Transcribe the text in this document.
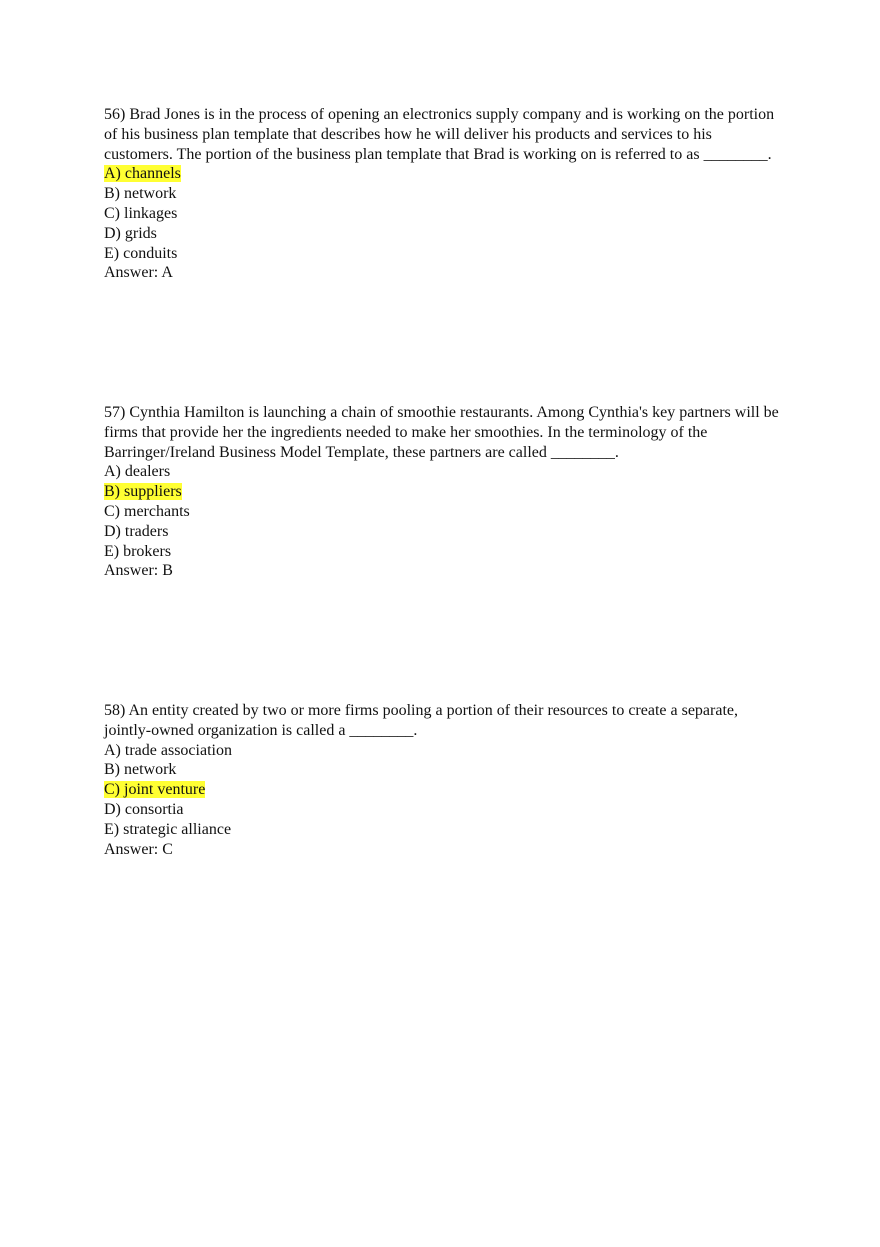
56) Brad Jones is in the process of opening an electronics supply company and is working on the portion of his business plan template that describes how he will deliver his products and services to his customers. The portion of the business plan template that Brad is working on is referred to as ________.

A) channels
B) network
C) linkages
D) grids
E) conduits

Answer: A

57) Cynthia Hamilton is launching a chain of smoothie restaurants. Among Cynthia's key partners will be firms that provide her the ingredients needed to make her smoothies. In the terminology of the Barringer/Ireland Business Model Template, these partners are called ________.

A) dealers
B) suppliers
C) merchants
D) traders
E) brokers

Answer: B

58) An entity created by two or more firms pooling a portion of their resources to create a separate, jointly-owned organization is called a ________.

A) trade association
B) network
C) joint venture
D) consortia
E) strategic alliance

Answer: C
